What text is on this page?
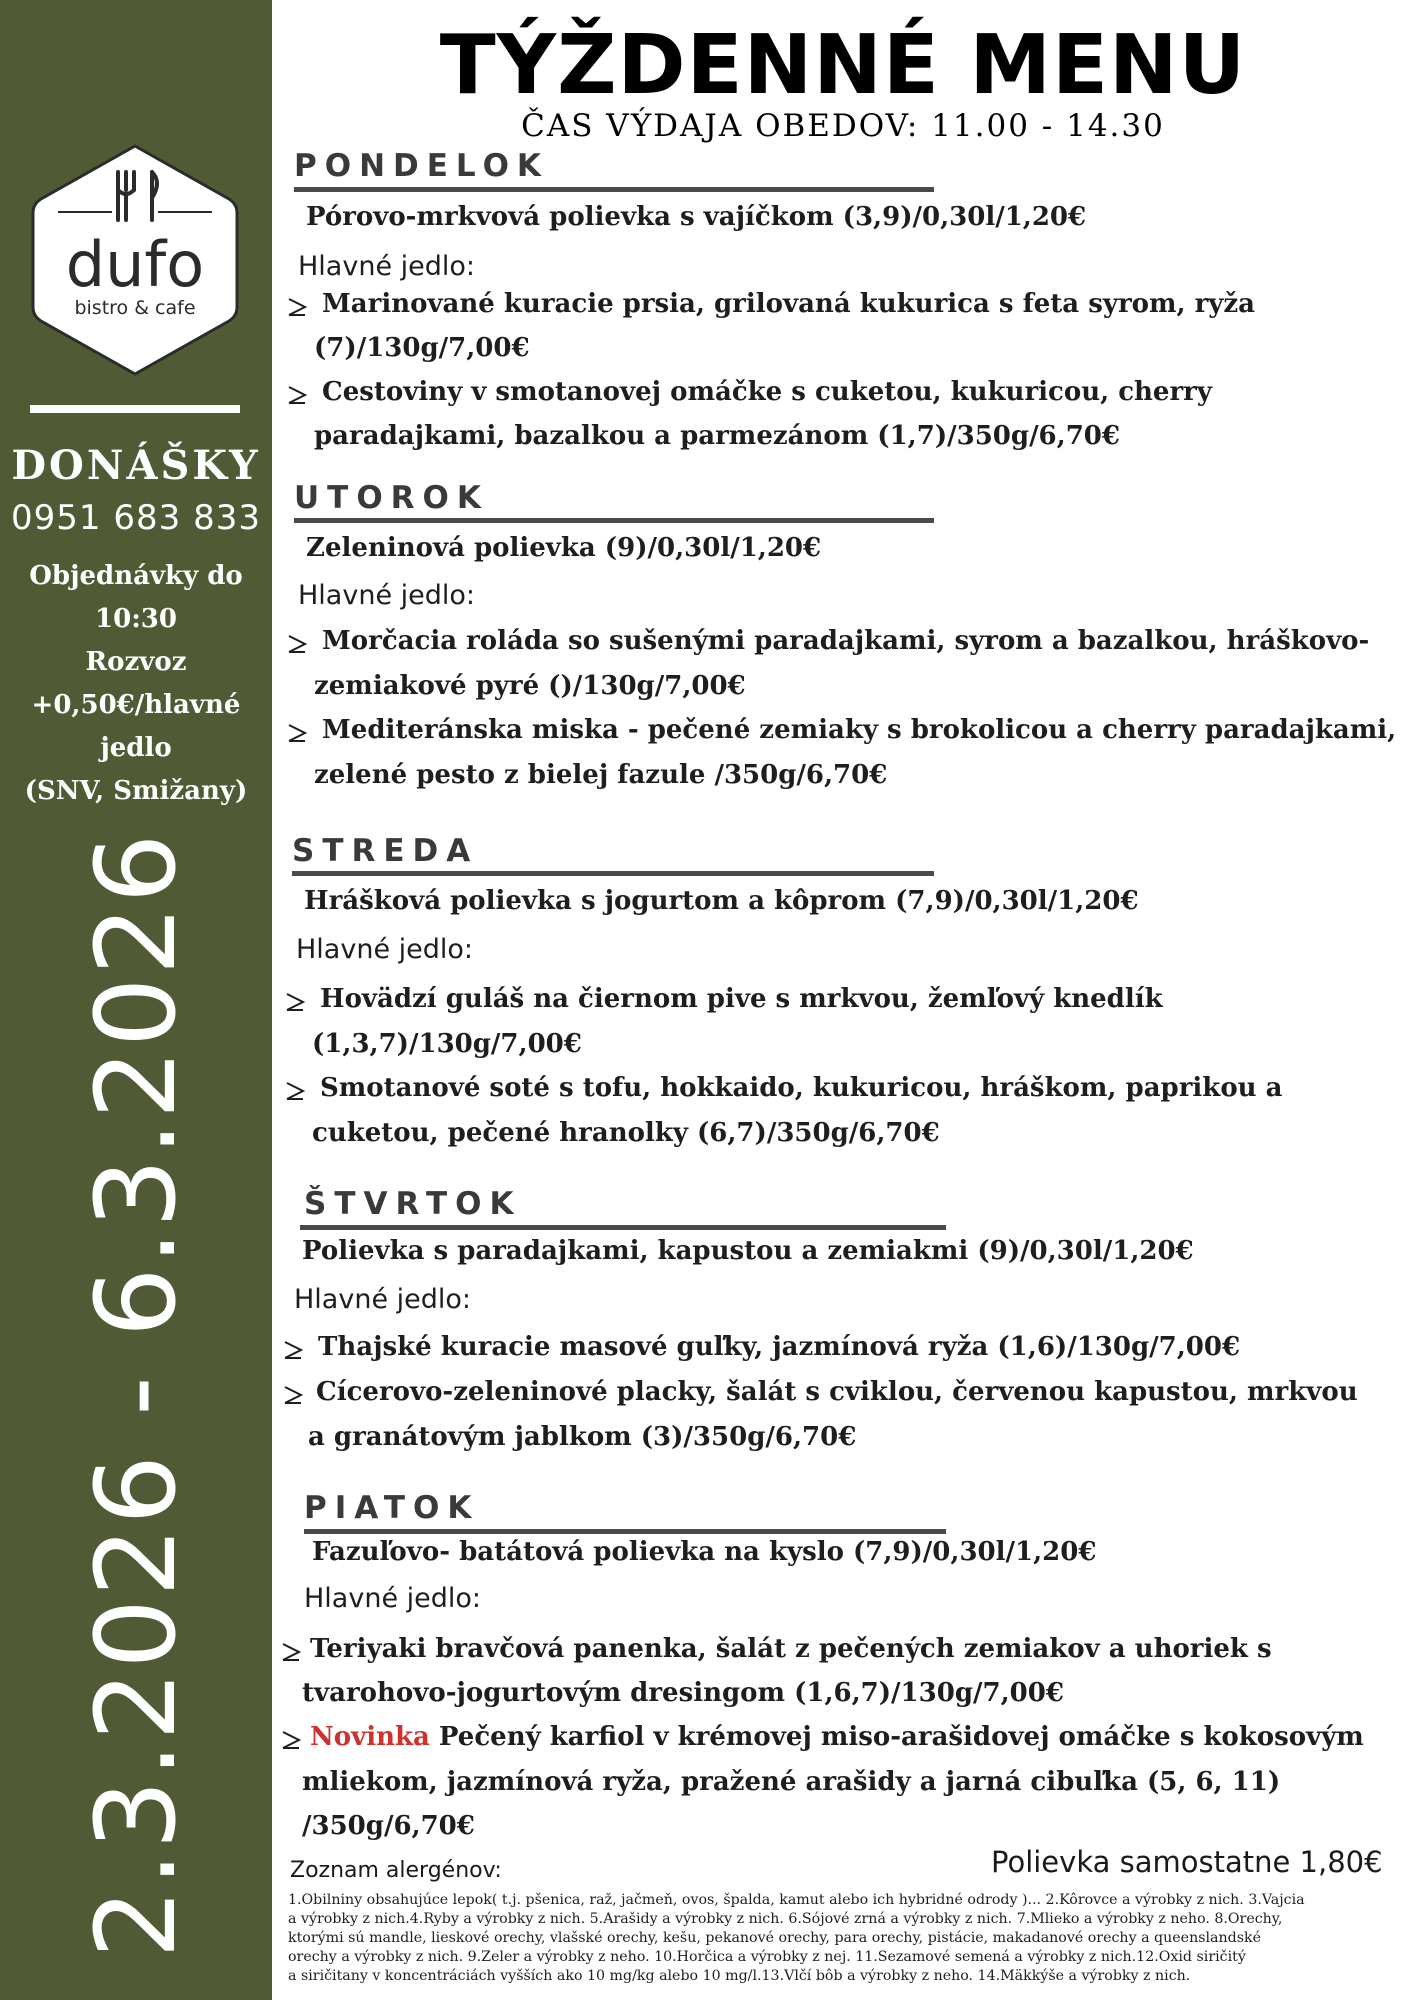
dufo
bistro & cafe
DONÁŠKY
0951 683 833
Objednávky do
10:30
Rozvoz
+0,50€/hlavné
jedlo
(SNV, Smižany)
2.3.2026 - 6.3.2026
TÝŽDENNÉ MENU
ČAS VÝDAJA OBEDOV: 11.00 - 14.30
PONDELOK
Pórovo-mrkvová polievka s vajíčkom (3,9)/0,30l/1,20€
Hlavné jedlo:
Marinované kuracie prsia, grilovaná kukurica s feta syrom, ryža
(7)/130g/7,00€
Cestoviny v smotanovej omáčke s cuketou, kukuricou, cherry
paradajkami, bazalkou a parmezánom (1,7)/350g/6,70€
UTOROK
Zeleninová polievka (9)/0,30l/1,20€
Hlavné jedlo:
Morčacia roláda so sušenými paradajkami, syrom a bazalkou, hráškovo-
zemiakové pyré ()/130g/7,00€
Mediteránska miska - pečené zemiaky s brokolicou a cherry paradajkami,
zelené pesto z bielej fazule /350g/6,70€
STREDA
Hrášková polievka s jogurtom a kôprom (7,9)/0,30l/1,20€
Hlavné jedlo:
Hovädzí guláš na čiernom pive s mrkvou, žemľový knedlík
(1,3,7)/130g/7,00€
Smotanové soté s tofu, hokkaido, kukuricou, hráškom, paprikou a
cuketou, pečené hranolky (6,7)/350g/6,70€
ŠTVRTOK
Polievka s paradajkami, kapustou a zemiakmi (9)/0,30l/1,20€
Hlavné jedlo:
Thajské kuracie masové guľky, jazmínová ryža (1,6)/130g/7,00€
Cícerovo-zeleninové placky, šalát s cviklou, červenou kapustou, mrkvou
a granátovým jablkom (3)/350g/6,70€
PIATOK
Fazuľovo- batátová polievka na kyslo (7,9)/0,30l/1,20€
Hlavné jedlo:
Teriyaki bravčová panenka, šalát z pečených zemiakov a uhoriek s
tvarohovo-jogurtovým dresingom (1,6,7)/130g/7,00€
Novinka Pečený karfiol v krémovej miso-arašidovej omáčke s kokosovým
mliekom, jazmínová ryža, pražené arašidy a jarná cibuľka (5, 6, 11)
/350g/6,70€
Polievka samostatne 1,80€
Zoznam alergénov:
1.Obilniny obsahujúce lepok( t.j. pšenica, raž, jačmeň, ovos, špalda, kamut alebo ich hybridné odrody )... 2.Kôrovce a výrobky z nich. 3.Vajcia
a výrobky z nich.4.Ryby a výrobky z nich. 5.Arašidy a výrobky z nich. 6.Sójové zrná a výrobky z nich. 7.Mlieko a výrobky z neho. 8.Orechy,
ktorými sú mandle, lieskové orechy, vlašské orechy, kešu, pekanové orechy, para orechy, pistácie, makadanové orechy a queenslandské
orechy a výrobky z nich. 9.Zeler a výrobky z neho. 10.Horčica a výrobky z nej. 11.Sezamové semená a výrobky z nich.12.Oxid siričitý
a siričitany v koncentráciách vyšších ako 10 mg/kg alebo 10 mg/l.13.Vlčí bôb a výrobky z neho. 14.Mäkkýše a výrobky z nich.
